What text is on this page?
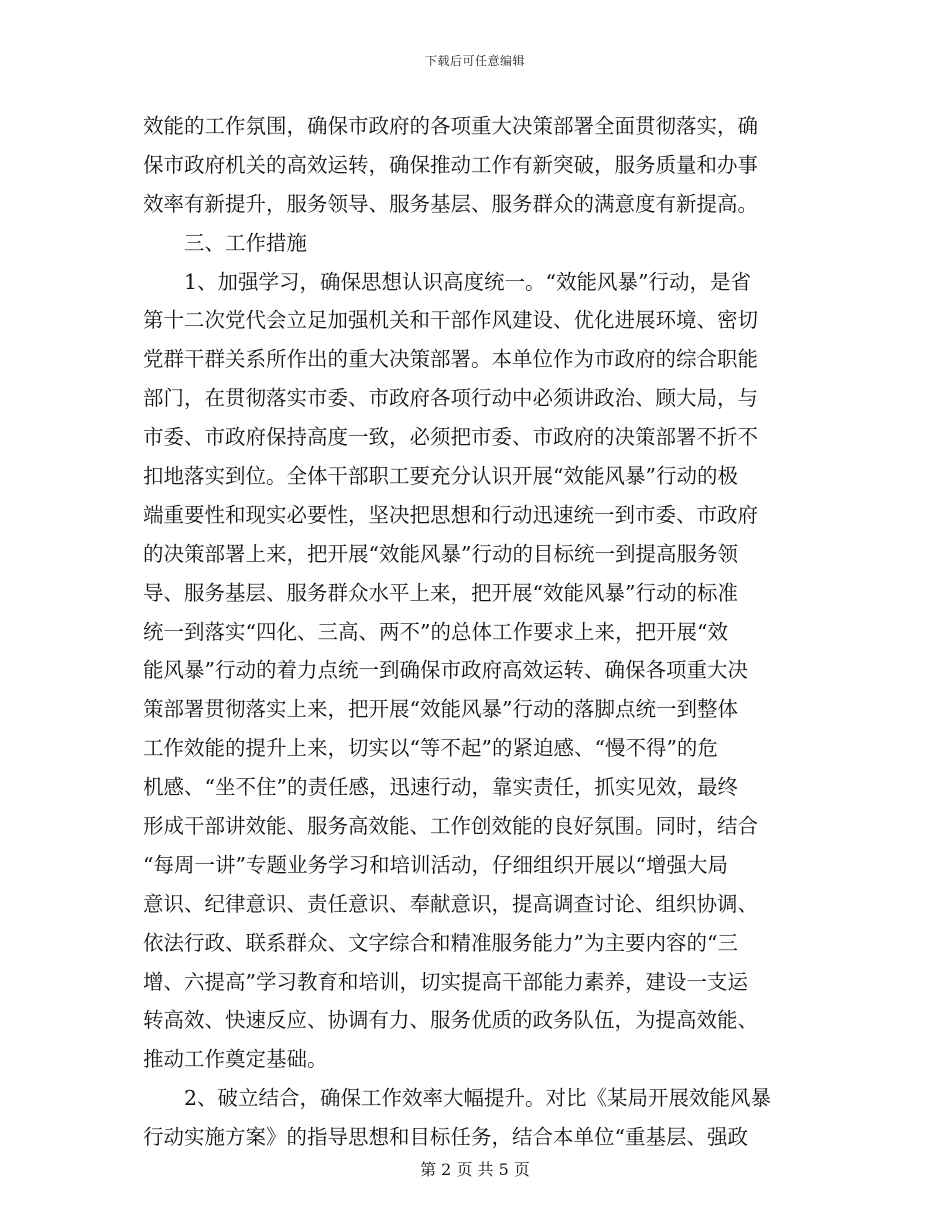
下载后可任意编辑
效能的工作氛围，确保市政府的各项重大决策部署全面贯彻落实，确
保市政府机关的高效运转，确保推动工作有新突破，服务质量和办事
效率有新提升，服务领导、服务基层、服务群众的满意度有新提高。
三、工作措施
1、加强学习，确保思想认识高度统一。“效能风暴”行动，是省
第十二次党代会立足加强机关和干部作风建设、优化进展环境、密切
党群干群关系所作出的重大决策部署。本单位作为市政府的综合职能
部门，在贯彻落实市委、市政府各项行动中必须讲政治、顾大局，与
市委、市政府保持高度一致，必须把市委、市政府的决策部署不折不
扣地落实到位。全体干部职工要充分认识开展“效能风暴”行动的极
端重要性和现实必要性，坚决把思想和行动迅速统一到市委、市政府
的决策部署上来，把开展“效能风暴”行动的目标统一到提高服务领
导、服务基层、服务群众水平上来，把开展“效能风暴”行动的标准
统一到落实“四化、三高、两不”的总体工作要求上来，把开展“效
能风暴”行动的着力点统一到确保市政府高效运转、确保各项重大决
策部署贯彻落实上来，把开展“效能风暴”行动的落脚点统一到整体
工作效能的提升上来，切实以“等不起”的紧迫感、“慢不得”的危
机感、“坐不住”的责任感，迅速行动，靠实责任，抓实见效，最终
形成干部讲效能、服务高效能、工作创效能的良好氛围。同时，结合
“每周一讲”专题业务学习和培训活动，仔细组织开展以“增强大局
意识、纪律意识、责任意识、奉献意识，提高调查讨论、组织协调、
依法行政、联系群众、文字综合和精准服务能力”为主要内容的“三
增、六提高”学习教育和培训，切实提高干部能力素养，建设一支运
转高效、快速反应、协调有力、服务优质的政务队伍，为提高效能、
推动工作奠定基础。
2、破立结合，确保工作效率大幅提升。对比《某局开展效能风暴
行动实施方案》的指导思想和目标任务，结合本单位“重基层、强政
第 2 页 共 5 页
